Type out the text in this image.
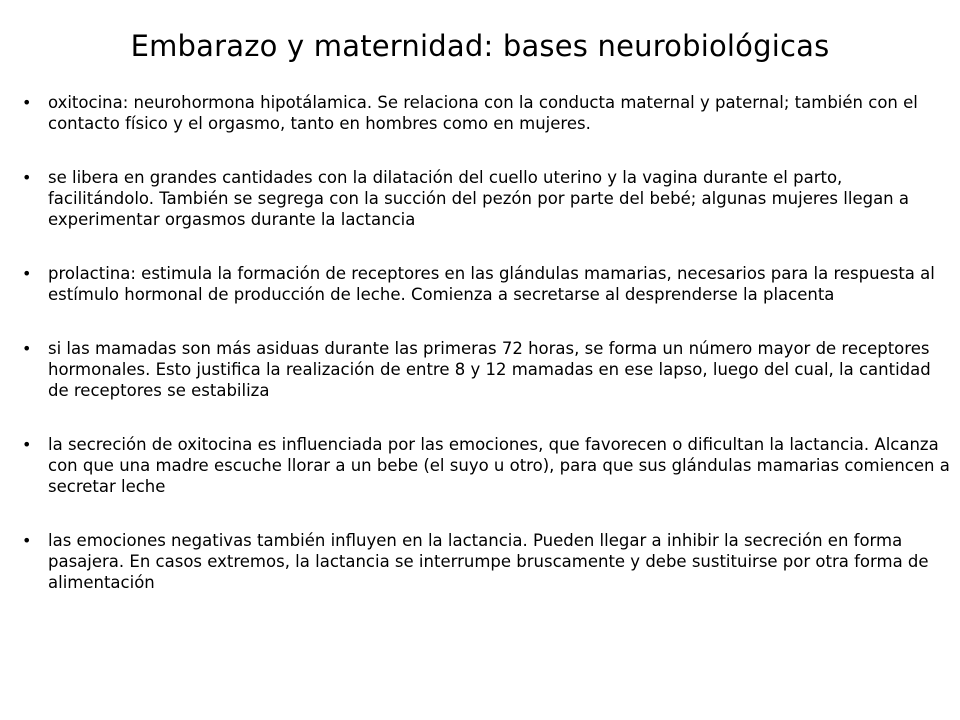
Embarazo y maternidad: bases neurobiológicas
•	oxitocina: neurohormona hipotálamica. Se relaciona con la conducta maternal y paternal; también con el contacto físico y el orgasmo, tanto en hombres como en mujeres.
•	se libera en grandes cantidades con la dilatación del cuello uterino y la vagina durante el parto, facilitándolo. También se segrega con la succión del pezón por parte del bebé; algunas mujeres llegan a experimentar orgasmos durante la lactancia
•	prolactina: estimula la formación de receptores en las glándulas mamarias, necesarios para la respuesta al estímulo hormonal de producción de leche. Comienza a secretarse al desprenderse la placenta
•	si las mamadas son más asiduas durante las primeras 72 horas, se forma un número mayor de receptores hormonales. Esto justifica la realización de entre 8 y 12 mamadas en ese lapso, luego del cual, la cantidad de receptores se estabiliza
•	la secreción de oxitocina es influenciada por las emociones, que favorecen o dificultan la lactancia. Alcanza con que una madre escuche llorar a un bebe (el suyo u otro), para que sus glándulas mamarias comiencen a secretar leche
•	las emociones negativas también influyen en la lactancia. Pueden llegar a inhibir la secreción en forma pasajera. En casos extremos, la lactancia se interrumpe bruscamente y debe sustituirse por otra forma de alimentación
